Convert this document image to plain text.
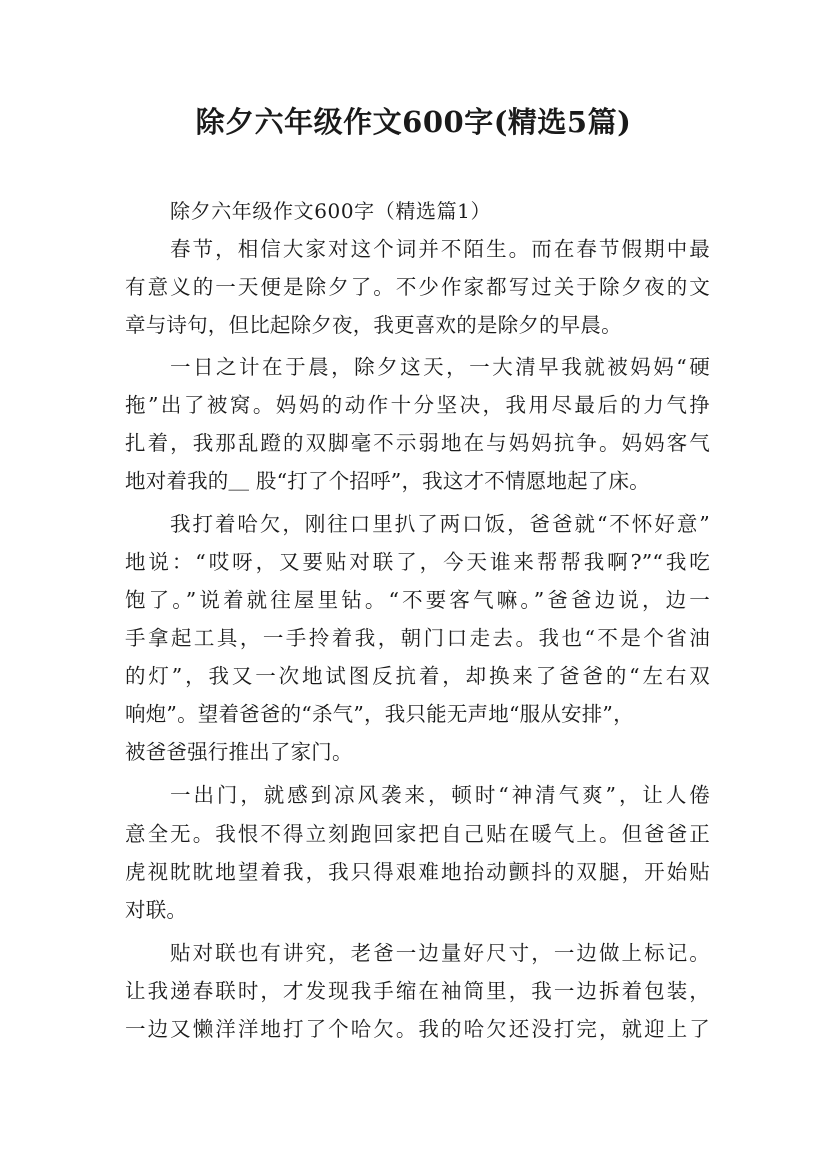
除夕六年级作文600字(精选5篇)
除夕六年级作文600字（精选篇1）
春节，相信大家对这个词并不陌生。而在春节假期中最
有意义的一天便是除夕了。不少作家都写过关于除夕夜的文
章与诗句，但比起除夕夜，我更喜欢的是除夕的早晨。
一日之计在于晨，除夕这天，一大清早我就被妈妈“硬
拖”出了被窝。妈妈的动作十分坚决，我用尽最后的力气挣
扎着，我那乱蹬的双脚毫不示弱地在与妈妈抗争。妈妈客气
地对着我的＿ 股“打了个招呼”，我这才不情愿地起了床。
我打着哈欠，刚往口里扒了两口饭，爸爸就“不怀好意”
地说：“哎呀，又要贴对联了，今天谁来帮帮我啊?”“我吃
饱了。”说着就往屋里钻。“不要客气嘛。”爸爸边说，边一
手拿起工具，一手拎着我，朝门口走去。我也“不是个省油
的灯”，我又一次地试图反抗着，却换来了爸爸的“左右双
响炮”。望着爸爸的“杀气”，我只能无声地“服从安排”，
被爸爸强行推出了家门。
一出门，就感到凉风袭来，顿时“神清气爽”，让人倦
意全无。我恨不得立刻跑回家把自己贴在暖气上。但爸爸正
虎视眈眈地望着我，我只得艰难地抬动颤抖的双腿，开始贴
对联。
贴对联也有讲究，老爸一边量好尺寸，一边做上标记。
让我递春联时，才发现我手缩在袖筒里，我一边拆着包装，
一边又懒洋洋地打了个哈欠。我的哈欠还没打完，就迎上了
